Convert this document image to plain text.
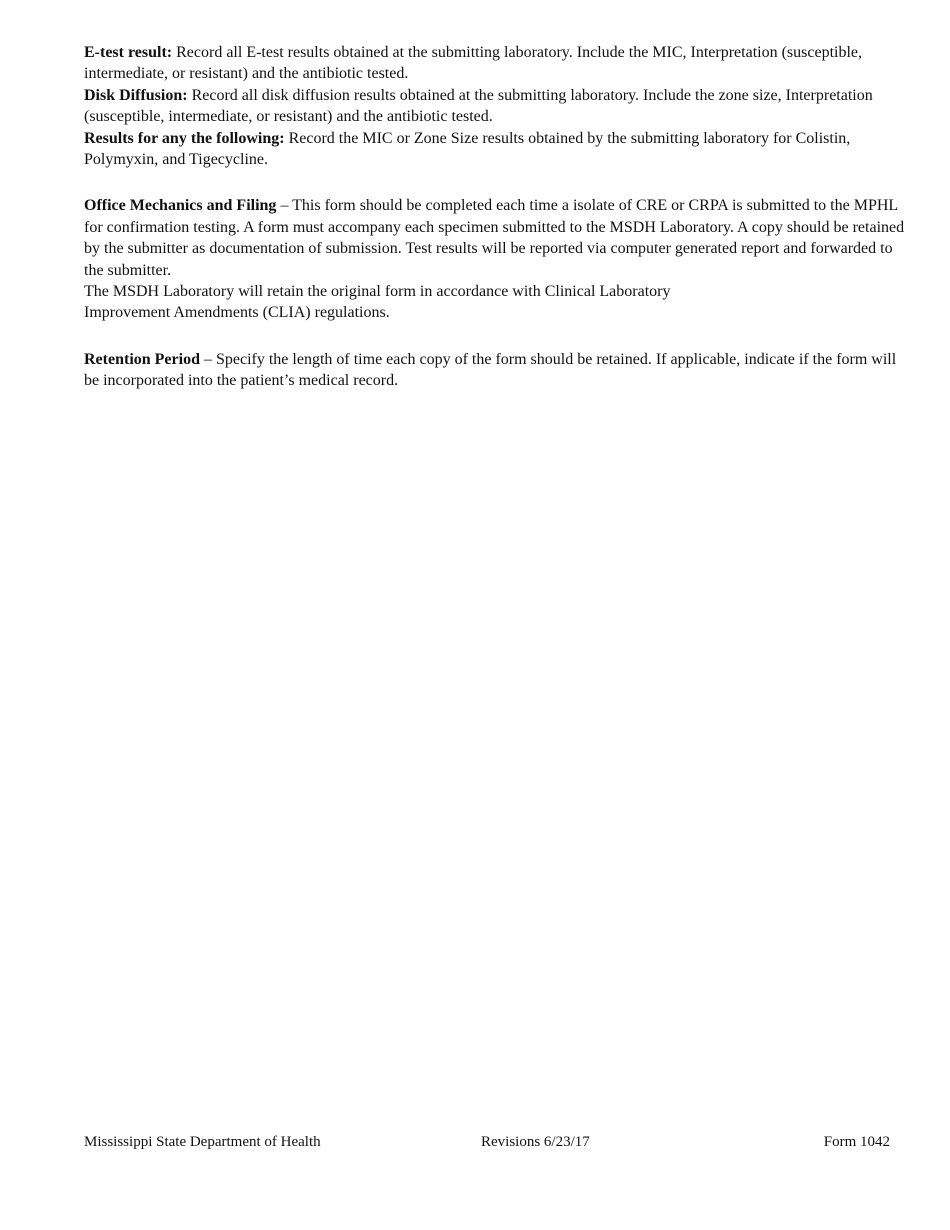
E-test result: Record all E-test results obtained at the submitting laboratory. Include the MIC, Interpretation (susceptible, intermediate, or resistant) and the antibiotic tested.

Disk Diffusion: Record all disk diffusion results obtained at the submitting laboratory. Include the zone size, Interpretation (susceptible, intermediate, or resistant) and the antibiotic tested.

Results for any the following: Record the MIC or Zone Size results obtained by the submitting laboratory for Colistin, Polymyxin, and Tigecycline.

Office Mechanics and Filing – This form should be completed each time a isolate of CRE or CRPA is submitted to the MPHL for confirmation testing. A form must accompany each specimen submitted to the MSDH Laboratory. A copy should be retained by the submitter as documentation of submission. Test results will be reported via computer generated report and forwarded to the submitter.

The MSDH Laboratory will retain the original form in accordance with Clinical Laboratory
Improvement Amendments (CLIA) regulations.

Retention Period – Specify the length of time each copy of the form should be retained. If applicable, indicate if the form will be incorporated into the patient’s medical record.

Mississippi State Department of Health	Revisions 6/23/17	Form 1042
